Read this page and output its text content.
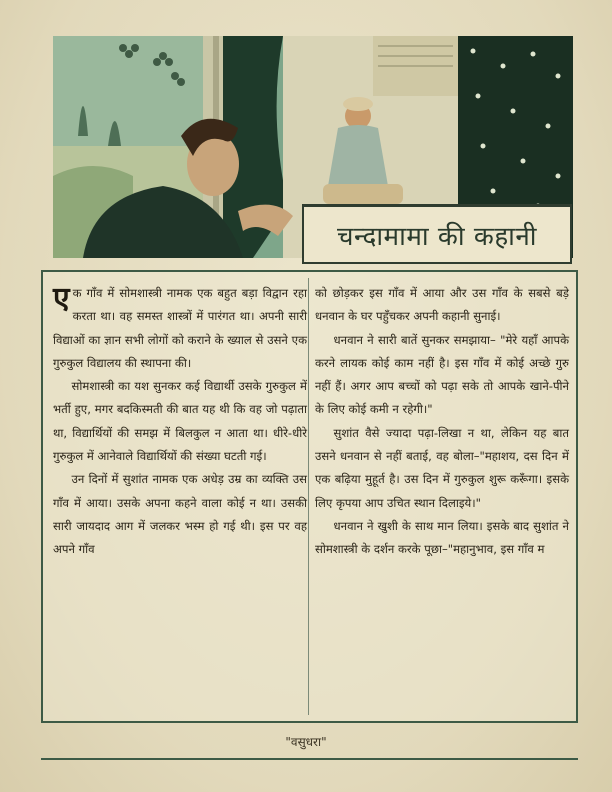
चन्दामामा की कहानी

एक गाँव में सोमशास्त्री नामक एक बहुत बड़ा विद्वान रहा करता था। वह समस्त शास्त्रों में पारंगत था। अपनी सारी विद्याओं का ज्ञान सभी लोगों को कराने के ख्याल से उसने एक गुरुकुल विद्यालय की स्थापना की।

सोमशास्त्री का यश सुनकर कई विद्यार्थी उसके गुरुकुल में भर्ती हुए, मगर बदकिस्मती की बात यह थी कि वह जो पढ़ाता था, विद्यार्थियों की समझ में बिलकुल न आता था। धीरे-धीरे गुरुकुल में आनेवाले विद्यार्थियों की संख्या घटती गई।

उन दिनों में सुशांत नामक एक अधेड़ उम्र का व्यक्ति उस गाँव में आया। उसके अपना कहने वाला कोई न था। उसकी सारी जायदाद आग में जलकर भस्म हो गई थी। इस पर वह अपने गाँव

को छोड़कर इस गाँव में आया और उस गाँव के सबसे बड़े धनवान के घर पहुँचकर अपनी कहानी सुनाई।

धनवान ने सारी बातें सुनकर समझाया– "मेरे यहाँ आपके करने लायक कोई काम नहीं है। इस गाँव में कोई अच्छे गुरु नहीं हैं। अगर आप बच्चों को पढ़ा सके तो आपके खाने-पीने के लिए कोई कमी न रहेगी।"

सुशांत वैसे ज्यादा पढ़ा-लिखा न था, लेकिन यह बात उसने धनवान से नहीं बताई, वह बोला–"महाशय, दस दिन में एक बढ़िया मुहूर्त है। उस दिन में गुरुकुल शुरू करूँगा। इसके लिए कृपया आप उचित स्थान दिलाइये।"

धनवान ने खुशी के साथ मान लिया। इसके बाद सुशांत ने सोमशास्त्री के दर्शन करके पूछा–"महानुभाव, इस गाँव म

"वसुधरा"
